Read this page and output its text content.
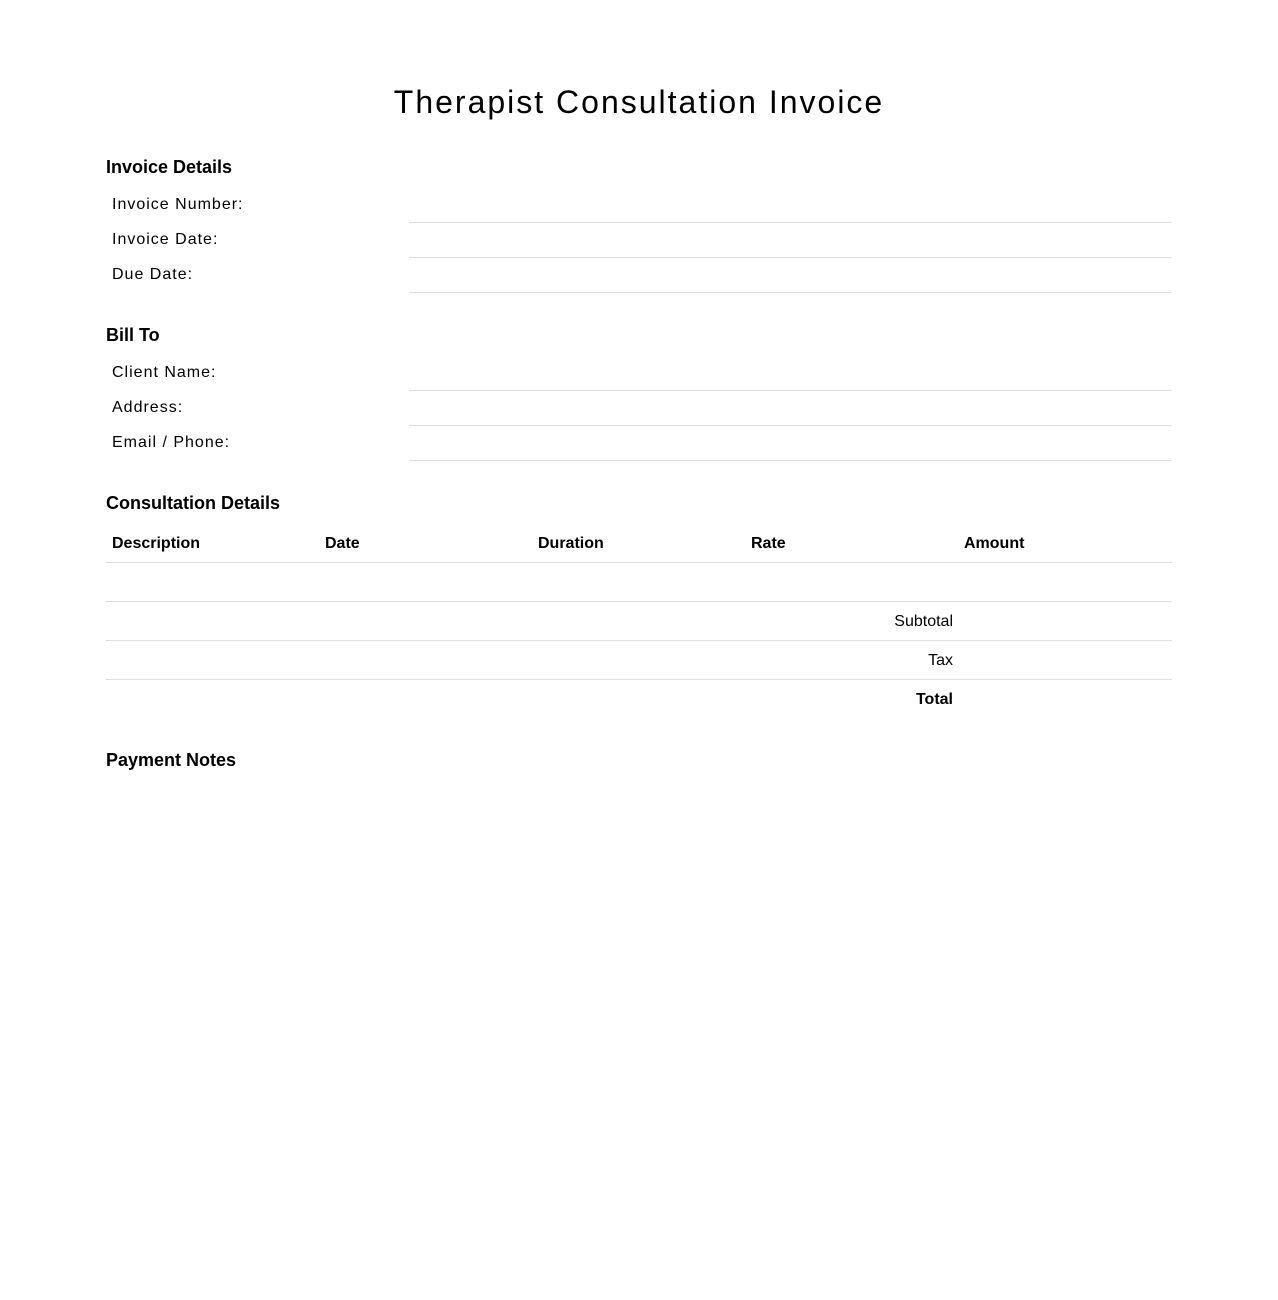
Therapist Consultation Invoice
Invoice Details
Invoice Number:
Invoice Date:
Due Date:
Bill To
Client Name:
Address:
Email / Phone:
Consultation Details
Description	Date	Duration	Rate	Amount
Subtotal
Tax
Total
Payment Notes
